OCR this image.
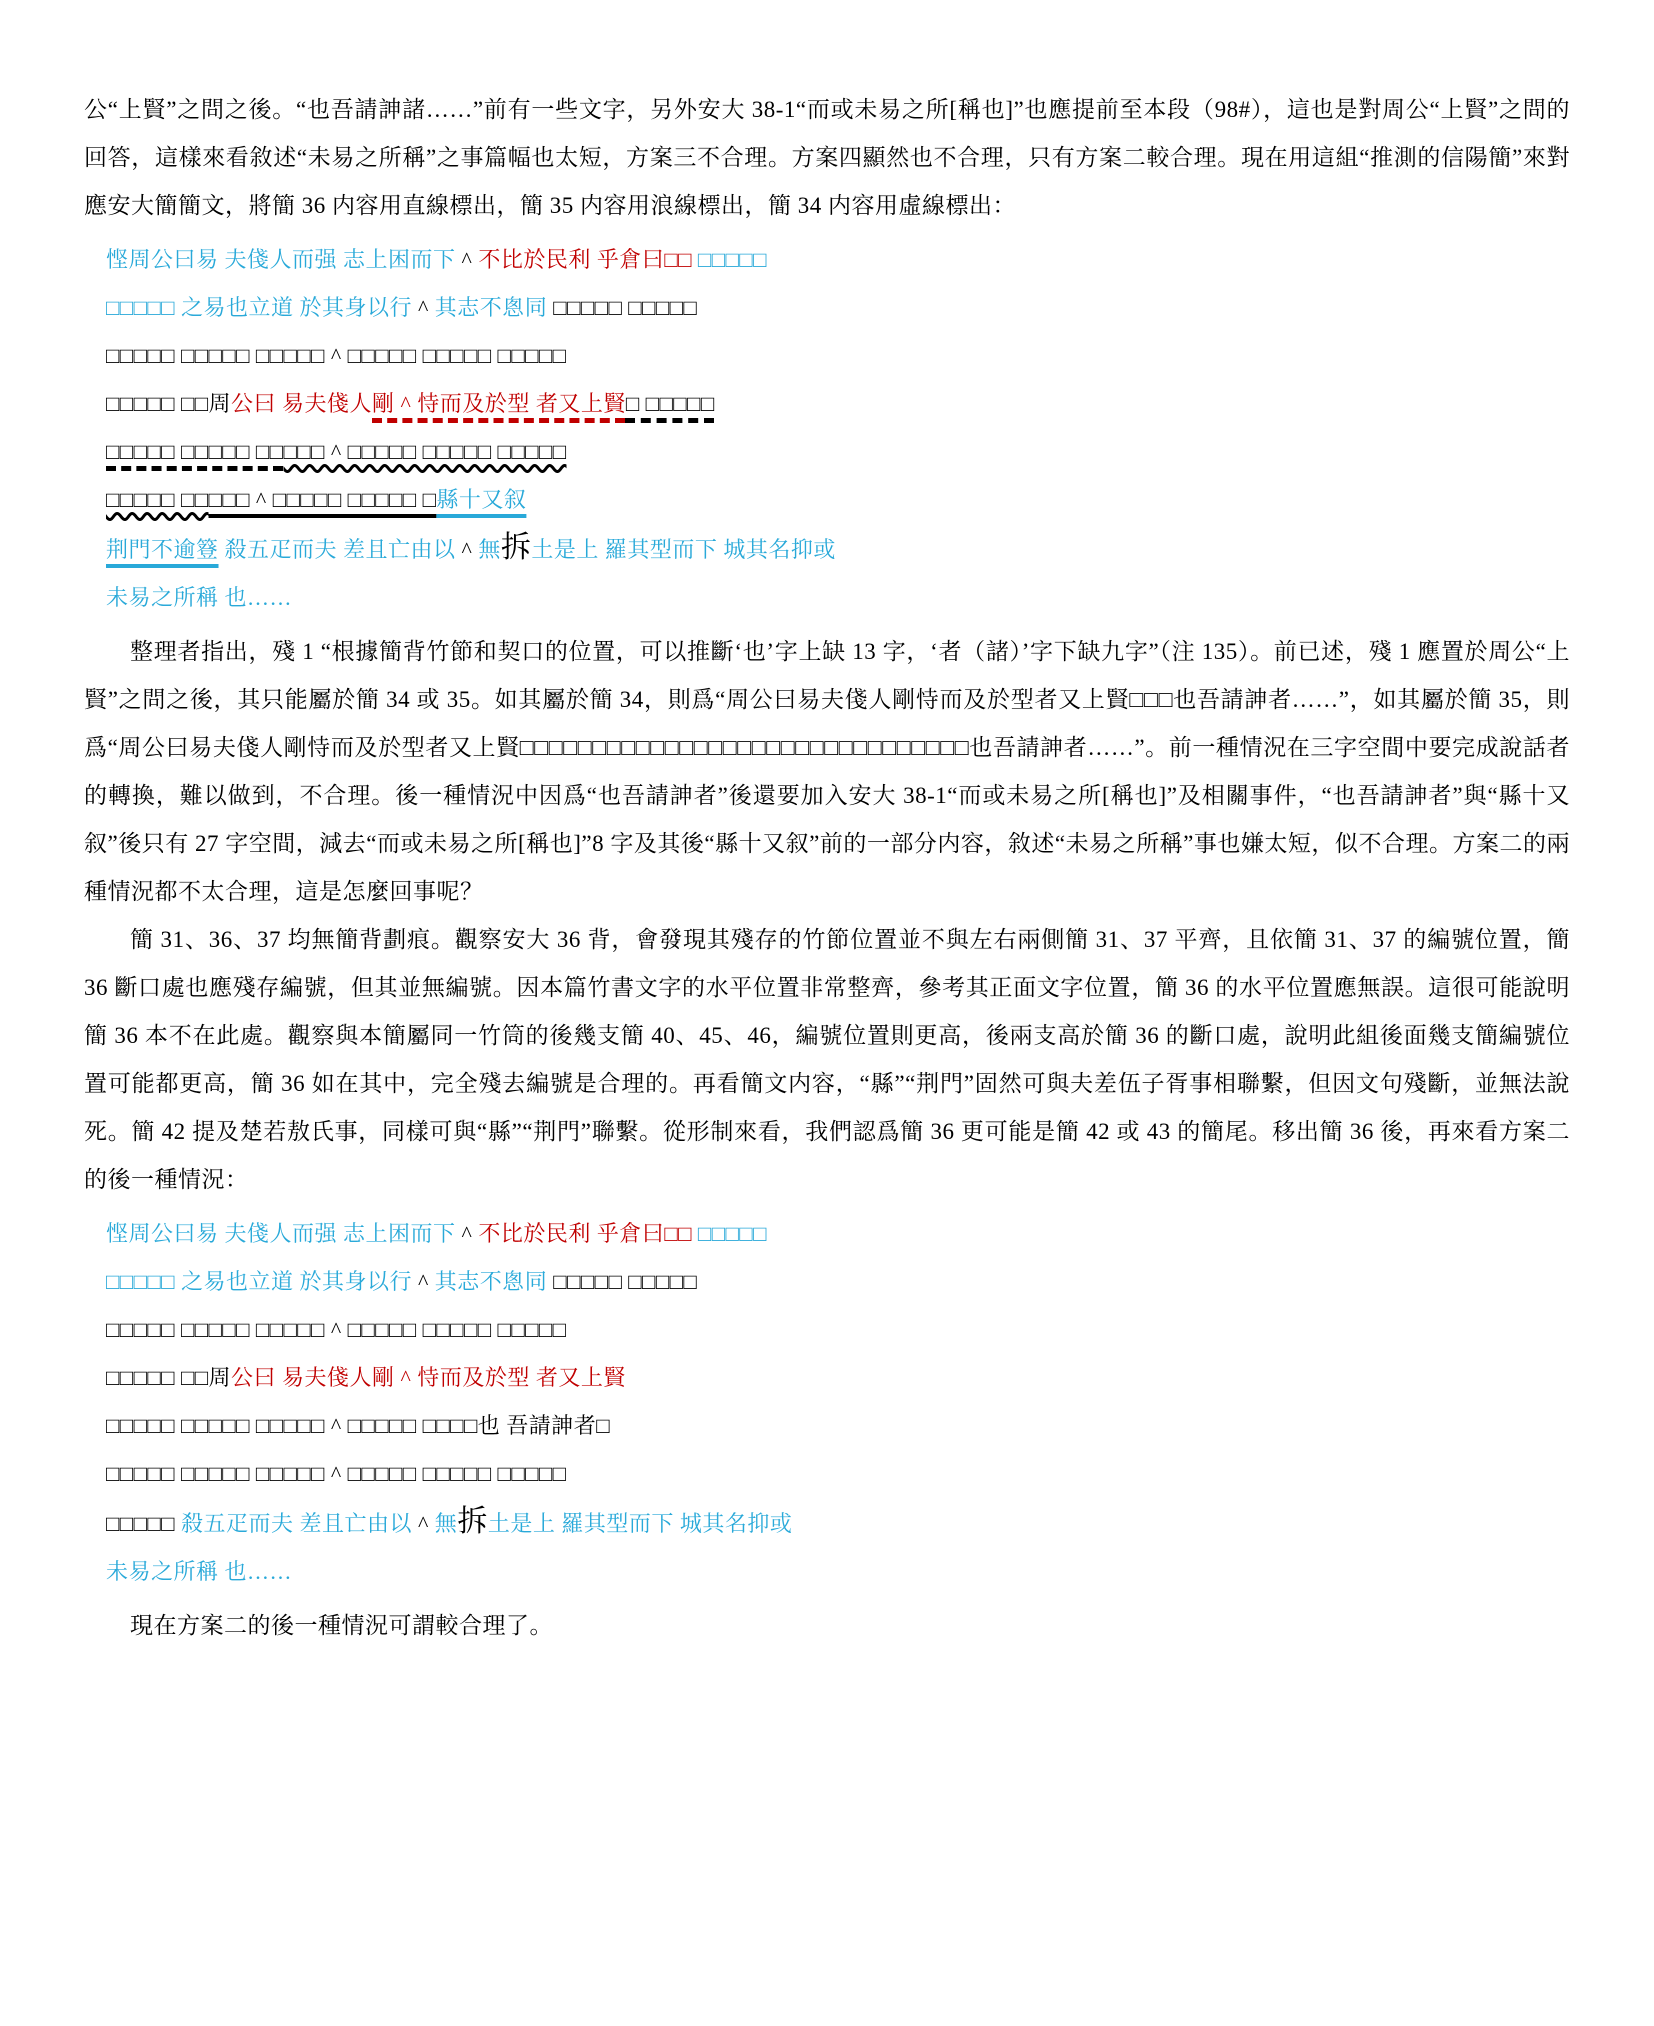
公“上賢”之問之後。“也吾請訷諸……”前有一些文字，另外安大 38-1“而或未易之所[稱也]”也應提前至本段（98#），這也是對周公“上賢”之問的回答，這樣來看敘述“未易之所稱”之事篇幅也太短，方案三不合理。方案四顯然也不合理，只有方案二較合理。現在用這組“推測的信陽簡”來對應安大簡簡文，將簡 36 内容用直線標出，簡 35 内容用浪線標出，簡 34 内容用虛線標出：

悭周公曰易 夫俴人而强 志上困而下 ^ 不比於民利 乎倉曰□□ □□□□□
□□□□□ 之易也立道 於其身以行 ^ 其志不悤同 □□□□□ □□□□□
□□□□□ □□□□□ □□□□□ ^ □□□□□ □□□□□ □□□□□
□□□□□ □□周公曰 易夫俴人剛 ^ 恃而及於型 者又上賢□ □□□□□
□□□□□ □□□□□ □□□□□ ^ □□□□□ □□□□□ □□□□□
□□□□□ □□□□□ ^ □□□□□ □□□□□ □縣十又叙
荆門不逾簦 殺五疋而夫 差且亡由以 ^ 無拆土是上 羅其型而下 城其名抑或
未易之所稱 也……

整理者指出，殘 1 “根據簡背竹節和契口的位置，可以推斷‘也’字上缺 13 字，‘者（諸）’字下缺九字”（注 135）。前已述，殘 1 應置於周公“上賢”之問之後，其只能屬於簡 34 或 35。如其屬於簡 34，則爲“周公曰易夫俴人剛恃而及於型者又上賢□□□也吾請訷者……”，如其屬於簡 35，則爲“周公曰易夫俴人剛恃而及於型者又上賢□□□□□□□□□□□□□□□□□□□□□□□□□□□□□□□也吾請訷者……”。前一種情況在三字空間中要完成說話者的轉換，難以做到，不合理。後一種情況中因爲“也吾請訷者”後還要加入安大 38-1“而或未易之所[稱也]”及相關事件，“也吾請訷者”與“縣十又叙”後只有 27 字空間，減去“而或未易之所[稱也]”8 字及其後“縣十又叙”前的一部分内容，敘述“未易之所稱”事也嫌太短，似不合理。方案二的兩種情況都不太合理，這是怎麼回事呢？

簡 31、36、37 均無簡背劃痕。觀察安大 36 背，會發現其殘存的竹節位置並不與左右兩側簡 31、37 平齊，且依簡 31、37 的編號位置，簡 36 斷口處也應殘存編號，但其並無編號。因本篇竹書文字的水平位置非常整齊，參考其正面文字位置，簡 36 的水平位置應無誤。這很可能說明簡 36 本不在此處。觀察與本簡屬同一竹筒的後幾支簡 40、45、46，編號位置則更高，後兩支高於簡 36 的斷口處，說明此組後面幾支簡編號位置可能都更高，簡 36 如在其中，完全殘去編號是合理的。再看簡文内容，“縣”“荆門”固然可與夫差伍子胥事相聯繫，但因文句殘斷，並無法說死。簡 42 提及楚若敖氏事，同樣可與“縣”“荆門”聯繫。從形制來看，我們認爲簡 36 更可能是簡 42 或 43 的簡尾。移出簡 36 後，再來看方案二的後一種情況：

悭周公曰易 夫俴人而强 志上困而下 ^ 不比於民利 乎倉曰□□ □□□□□
□□□□□ 之易也立道 於其身以行 ^ 其志不悤同 □□□□□ □□□□□
□□□□□ □□□□□ □□□□□ ^ □□□□□ □□□□□ □□□□□
□□□□□ □□周公曰 易夫俴人剛 ^ 恃而及於型 者又上賢
□□□□□ □□□□□ □□□□□ ^ □□□□□ □□□□也 吾請訷者□
□□□□□ □□□□□ □□□□□ ^ □□□□□ □□□□□ □□□□□
□□□□□ 殺五疋而夫 差且亡由以 ^ 無拆土是上 羅其型而下 城其名抑或
未易之所稱 也……

現在方案二的後一種情況可謂較合理了。
